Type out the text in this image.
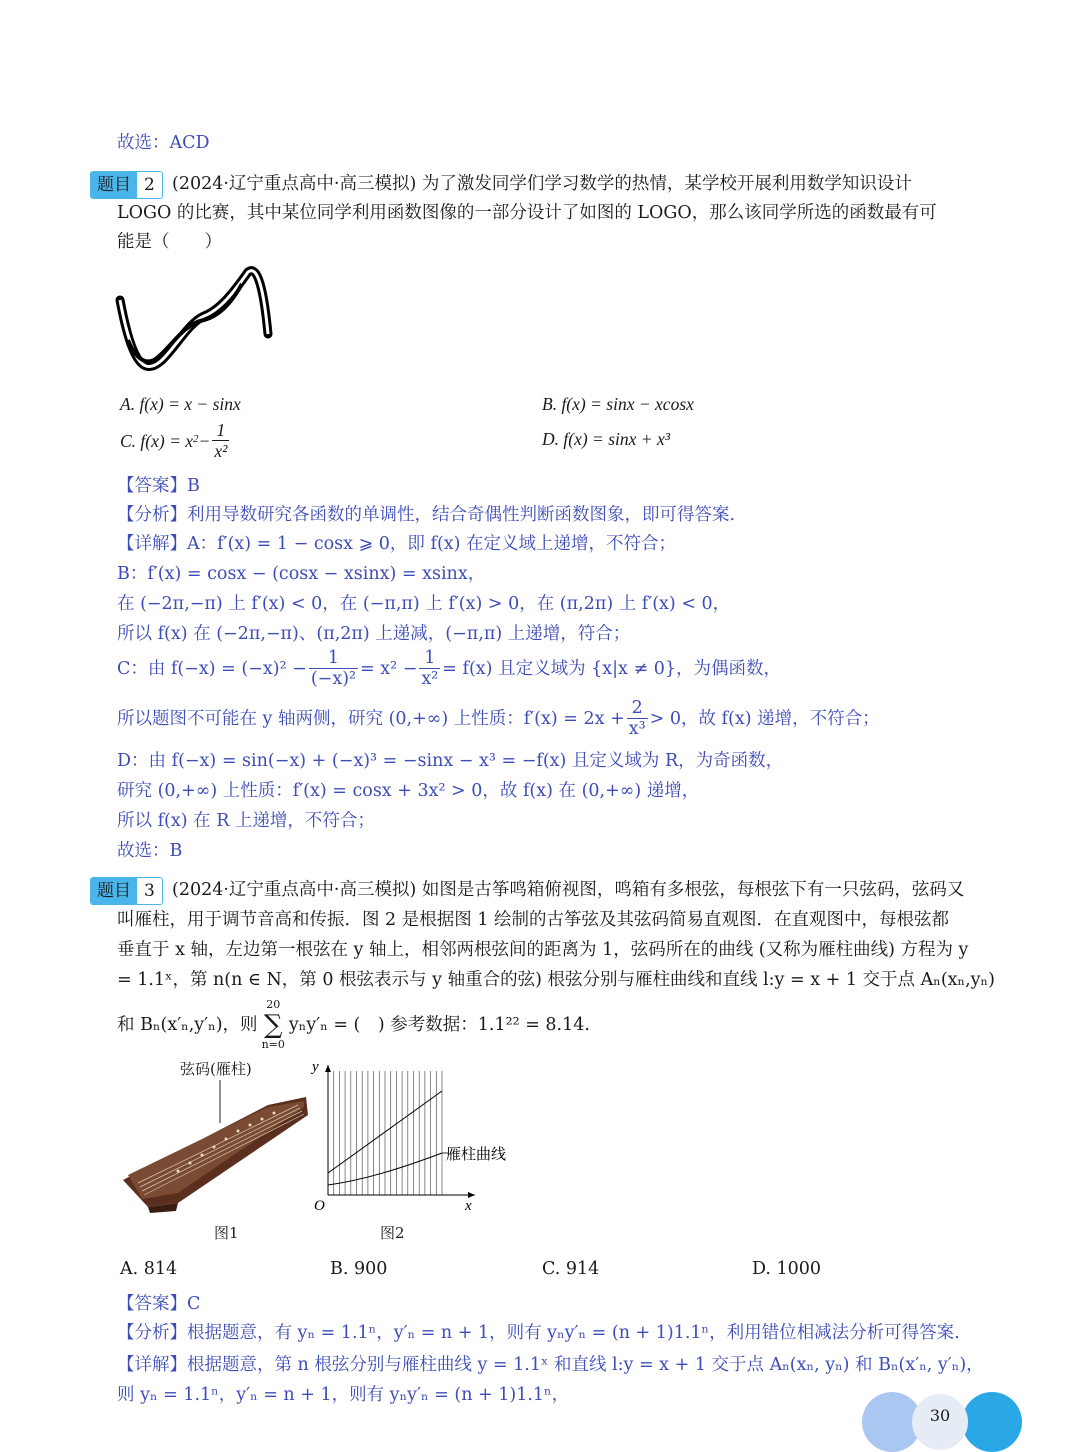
故选：ACD
题目 2 (2024·辽宁重点高中·高三模拟) 为了激发同学们学习数学的热情，某学校开展利用数学知识设计
LOGO 的比赛，其中某位同学利用函数图像的一部分设计了如图的 LOGO，那么该同学所选的函数最有可
能是（　　）
A. f(x) = x − sinx	B. f(x) = sinx − xcosx
C. f(x) = x $2 - \frac{1}{\text{x²}}$	D. f(x) = sinx + x³
【答案】B
【分析】利用导数研究各函数的单调性，结合奇偶性判断函数图象，即可得答案.
【详解】A：f′(x) = 1 − cosx ⩾ 0，即 f(x) 在定义域上递增，不符合；
B：f′(x) = cosx − (cosx − xsinx) = xsinx，
在 (−2π,−π) 上 f′(x) < 0，在 (−π,π) 上 f′(x) > 0，在 (π,2π) 上 f′(x) < 0，
所以 f(x) 在 (−2π,−π)、(π,2π) 上递减，(−π,π) 上递增，符合；
C：由 $f(-x) = (-x)^2 - \frac{1}{\text{(−x)²}} = x^2 - \frac{1}{\text{x²}} = f(x)$ 且定义域为 {x|x ≠ 0}，为偶函数，
所以题图不可能在 y 轴两侧，研究 (0,+∞) 上性质：$f'(x) = 2x + \frac{2}{\text{x³}} > 0$，故 f(x) 递增，不符合；
D：由 f(−x) = sin(−x) + (−x)³ = −sinx − x³ = −f(x) 且定义域为 R，为奇函数，
研究 (0,+∞) 上性质：f′(x) = cosx + 3x² > 0，故 f(x) 在 (0,+∞) 递增，
所以 f(x) 在 R 上递增，不符合；
故选：B
题目 3 (2024·辽宁重点高中·高三模拟) 如图是古筝鸣箱俯视图，鸣箱有多根弦，每根弦下有一只弦码，弦码又
叫雁柱，用于调节音高和传振．图 2 是根据图 1 绘制的古筝弦及其弦码简易直观图．在直观图中，每根弦都
垂直于 x 轴，左边第一根弦在 y 轴上，相邻两根弦间的距离为 1，弦码所在的曲线 (又称为雁柱曲线) 方程为 y
= 1.1ˣ，第 n(n ∈ N，第 0 根弦表示与 y 轴重合的弦) 根弦分别与雁柱曲线和直线 l:y = x + 1 交于点 Aₙ(xₙ,yₙ)
和 Bₙ(x′ₙ,y′ₙ)，则
20
∑
n=0
yₙy′ₙ = (　) 参考数据：1.1²² = 8.14.
弦码(雁柱)
图1
y
x
O
雁柱曲线
图2
A. 814	B. 900	C. 914	D. 1000
【答案】C
【分析】根据题意，有 yₙ = 1.1ⁿ，y′ₙ = n + 1，则有 yₙy′ₙ = (n + 1)1.1ⁿ，利用错位相减法分析可得答案.
【详解】根据题意，第 n 根弦分别与雁柱曲线 y = 1.1ˣ 和直线 l:y = x + 1 交于点 Aₙ(xₙ, yₙ) 和 Bₙ(x′ₙ, y′ₙ)，
则 yₙ = 1.1ⁿ，y′ₙ = n + 1，则有 yₙy′ₙ = (n + 1)1.1ⁿ，
30
